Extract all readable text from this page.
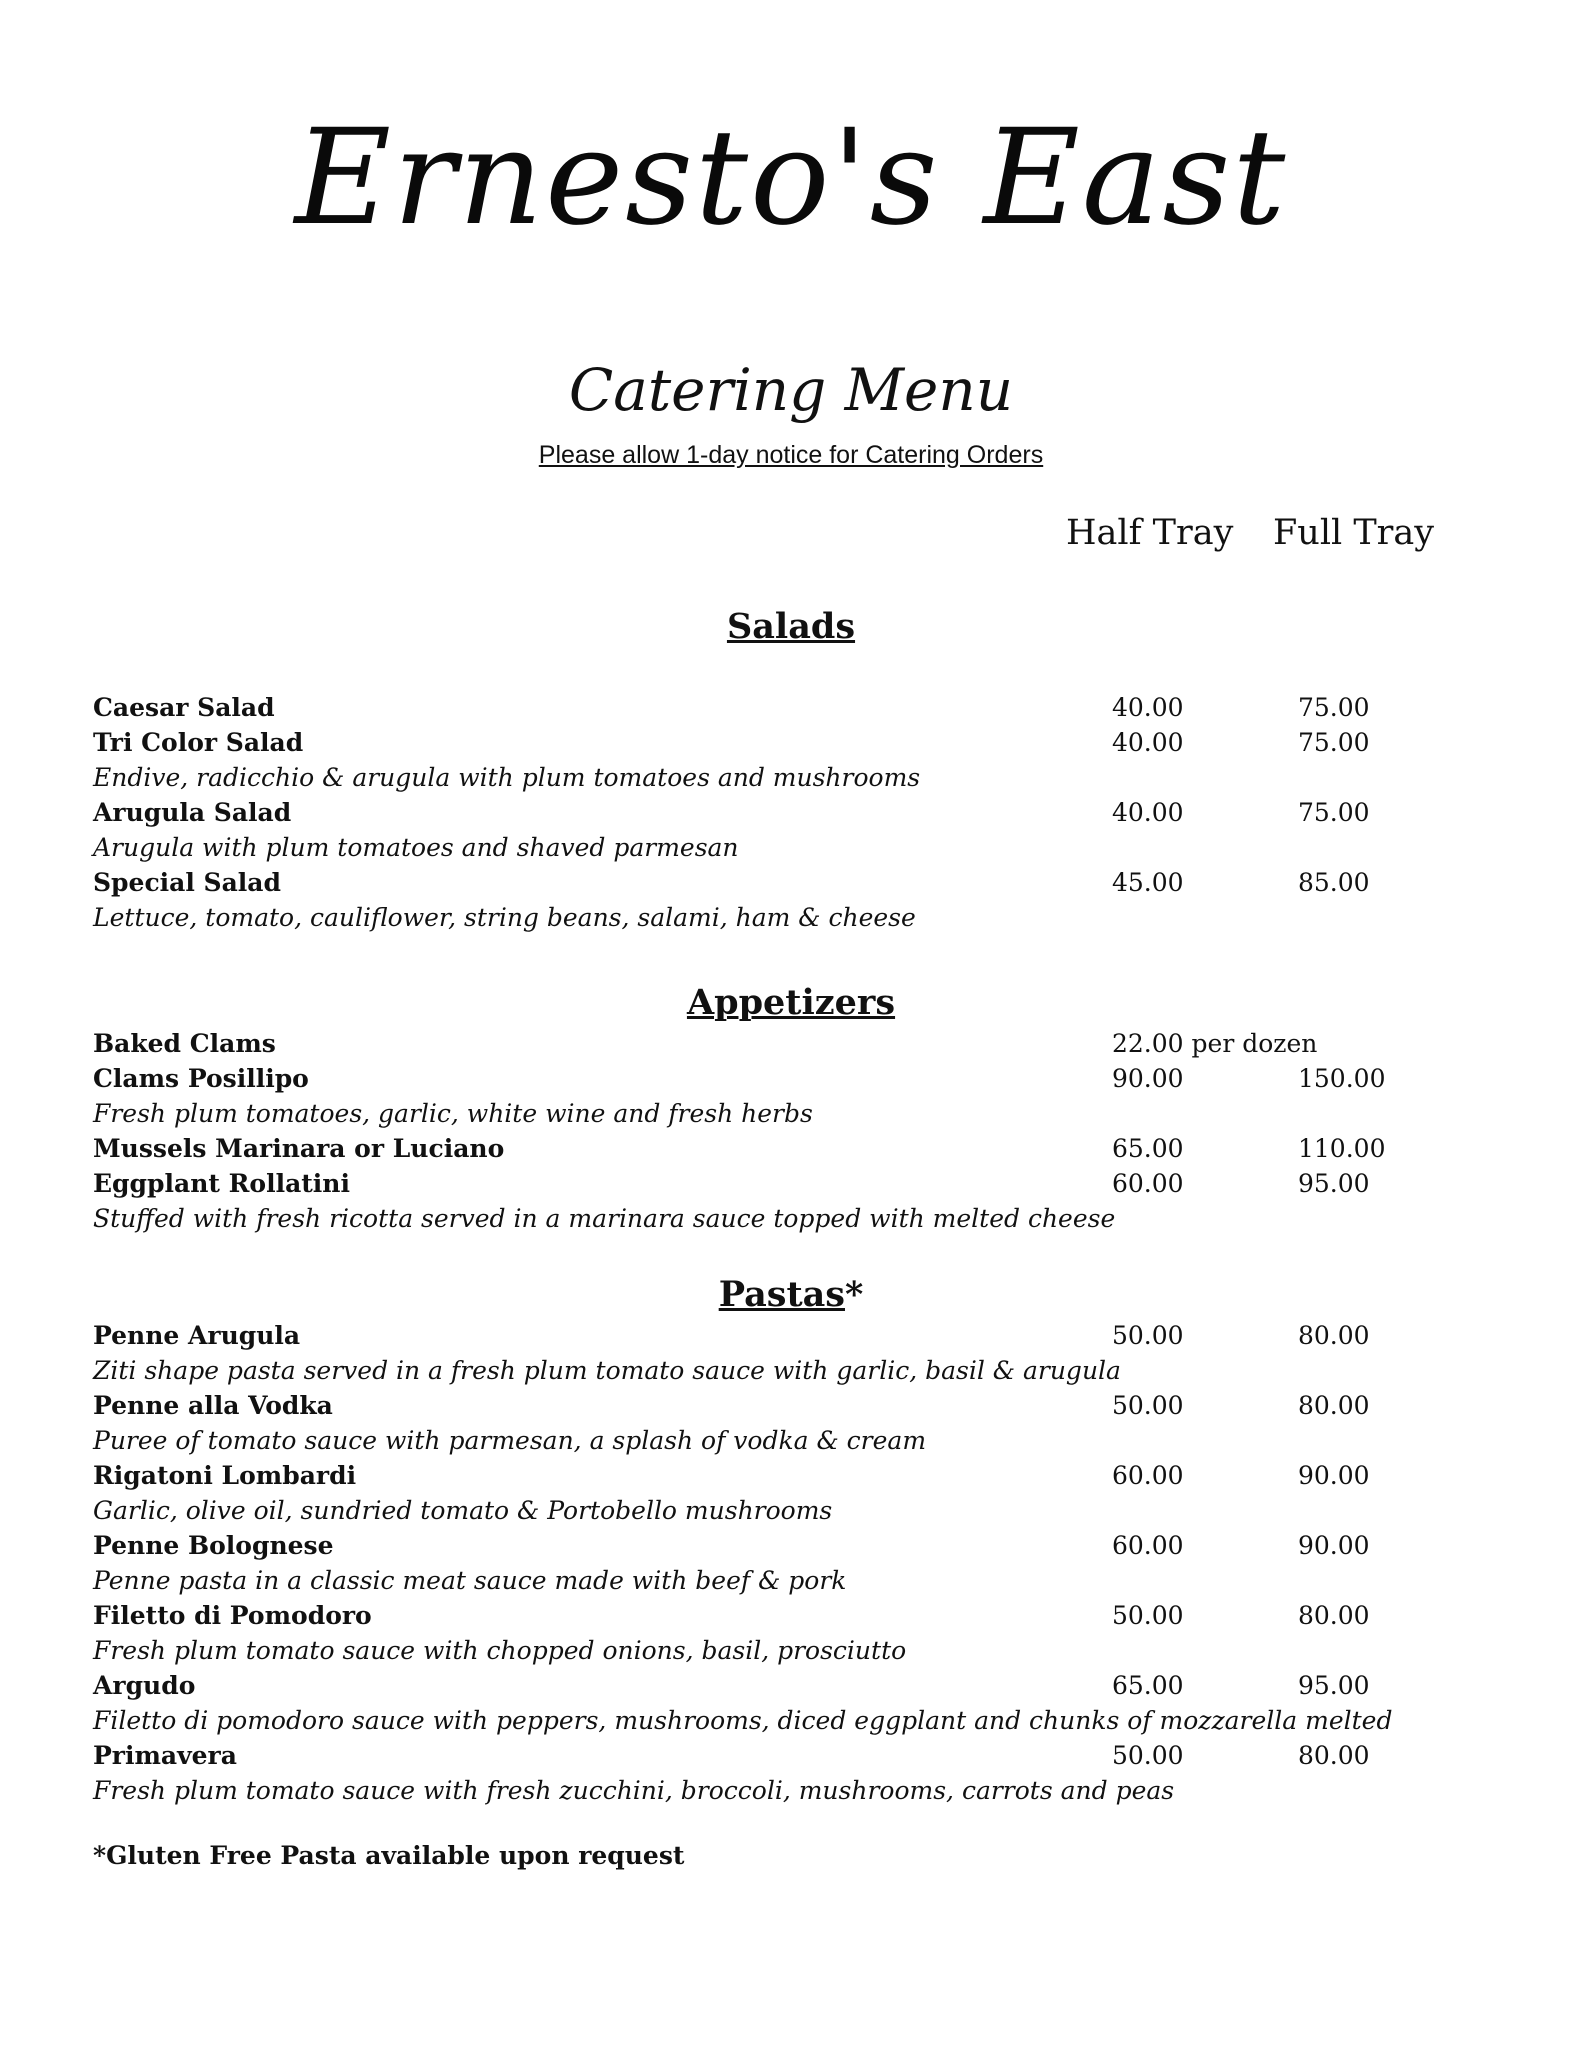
Ernesto's East
Catering Menu
Please allow 1-day notice for Catering Orders
Half Tray Full Tray
Salads
Caesar Salad	40.00	75.00
Tri Color Salad	40.00	75.00
Endive, radicchio & arugula with plum tomatoes and mushrooms
Arugula Salad	40.00	75.00
Arugula with plum tomatoes and shaved parmesan
Special Salad	45.00	85.00
Lettuce, tomato, cauliflower, string beans, salami, ham & cheese
Appetizers
Baked Clams	22.00 per dozen
Clams Posillipo	90.00	150.00
Fresh plum tomatoes, garlic, white wine and fresh herbs
Mussels Marinara or Luciano	65.00	110.00
Eggplant Rollatini	60.00	95.00
Stuffed with fresh ricotta served in a marinara sauce topped with melted cheese
Pastas*
Penne Arugula	50.00	80.00
Ziti shape pasta served in a fresh plum tomato sauce with garlic, basil & arugula
Penne alla Vodka	50.00	80.00
Puree of tomato sauce with parmesan, a splash of vodka & cream
Rigatoni Lombardi	60.00	90.00
Garlic, olive oil, sundried tomato & Portobello mushrooms
Penne Bolognese	60.00	90.00
Penne pasta in a classic meat sauce made with beef & pork
Filetto di Pomodoro	50.00	80.00
Fresh plum tomato sauce with chopped onions, basil, prosciutto
Argudo	65.00	95.00
Filetto di pomodoro sauce with peppers, mushrooms, diced eggplant and chunks of mozzarella melted
Primavera	50.00	80.00
Fresh plum tomato sauce with fresh zucchini, broccoli, mushrooms, carrots and peas
*Gluten Free Pasta available upon request
